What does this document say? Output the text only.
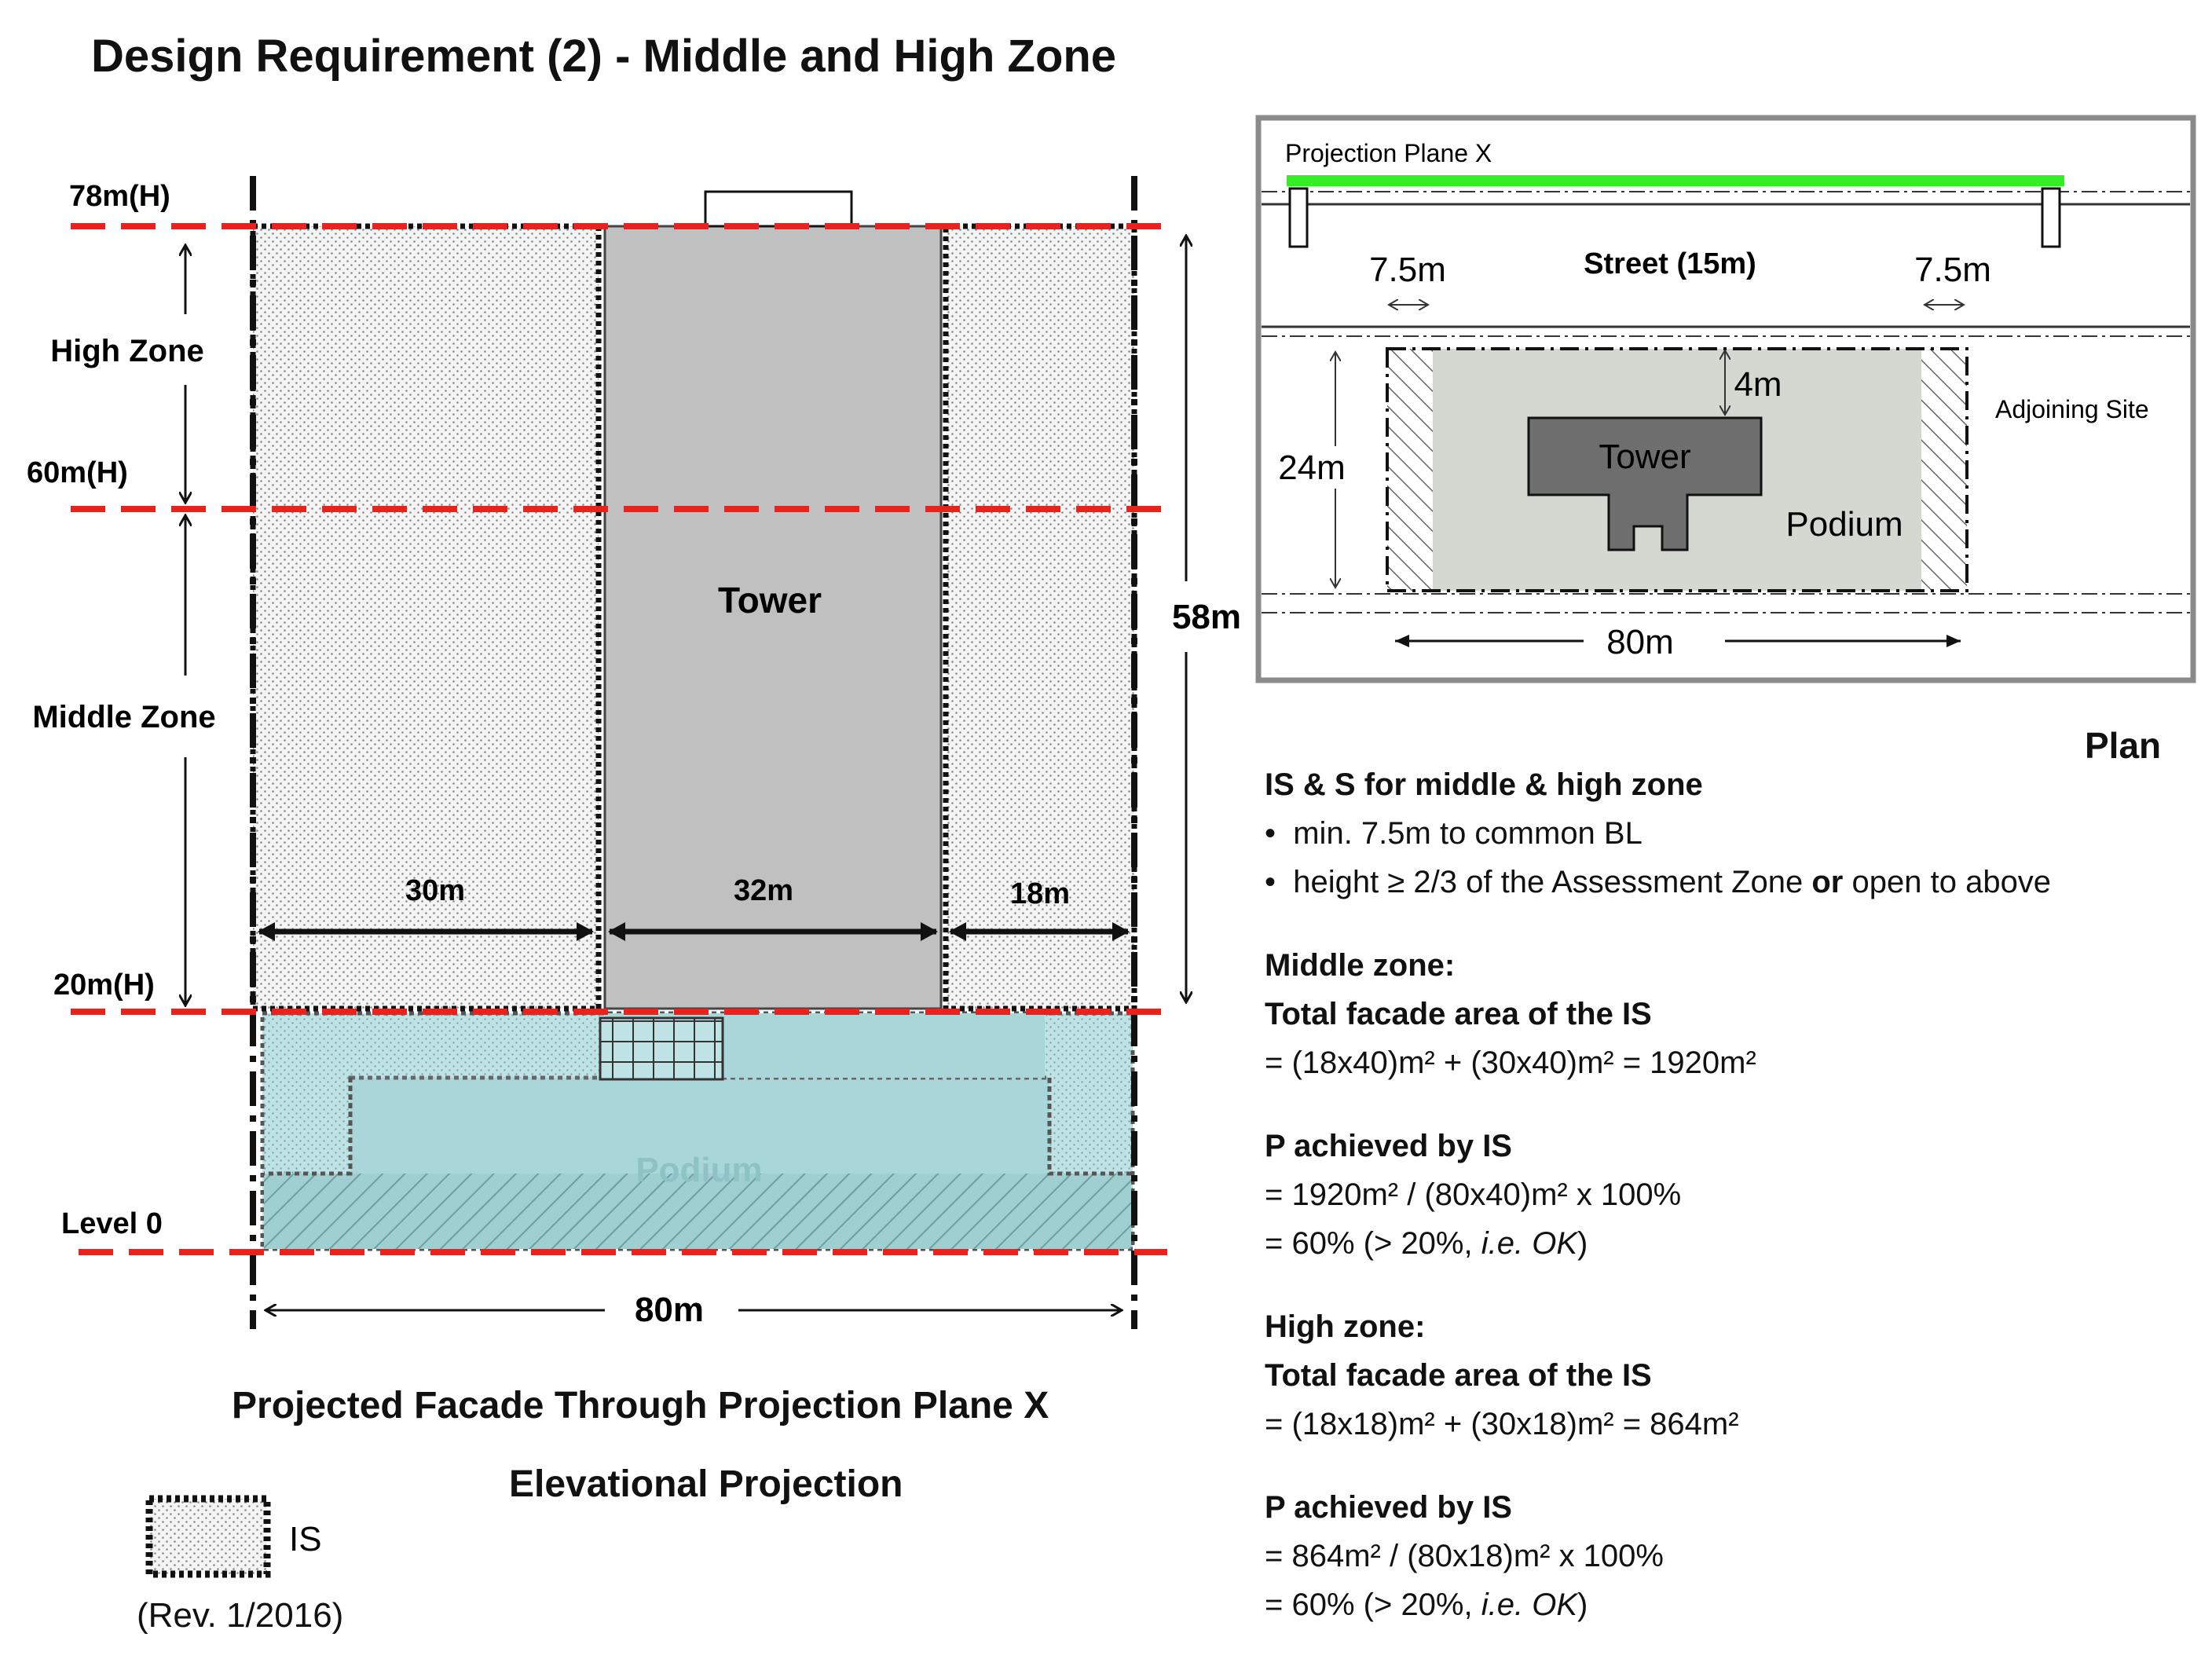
Design Requirement (2) - Middle and High Zone
Podium
78m(H)
60m(H)
20m(H)
Level 0
High Zone
Middle Zone
Tower
30m	32m	18m
58m
80m
IS
Projected Facade Through Projection Plane X
Elevational Projection
(Rev. 1/2016)
Projection Plane X
Street (15m)
7.5m	7.5m
Tower
Podium
4m
24m
Adjoining Site
80m
Plan
IS & S for middle & high zone
•  min. 7.5m to common BL
•  height ≥ 2/3 of the Assessment Zone or open to above
Middle zone:
Total facade area of the IS
= (18x40)m² + (30x40)m² = 1920m²
P achieved by IS
= 1920m² / (80x40)m² x 100%
= 60% (> 20%, i.e. OK)
High zone:
Total facade area of the IS
= (18x18)m² + (30x18)m² = 864m²
P achieved by IS
= 864m² / (80x18)m² x 100%
= 60% (> 20%, i.e. OK)
